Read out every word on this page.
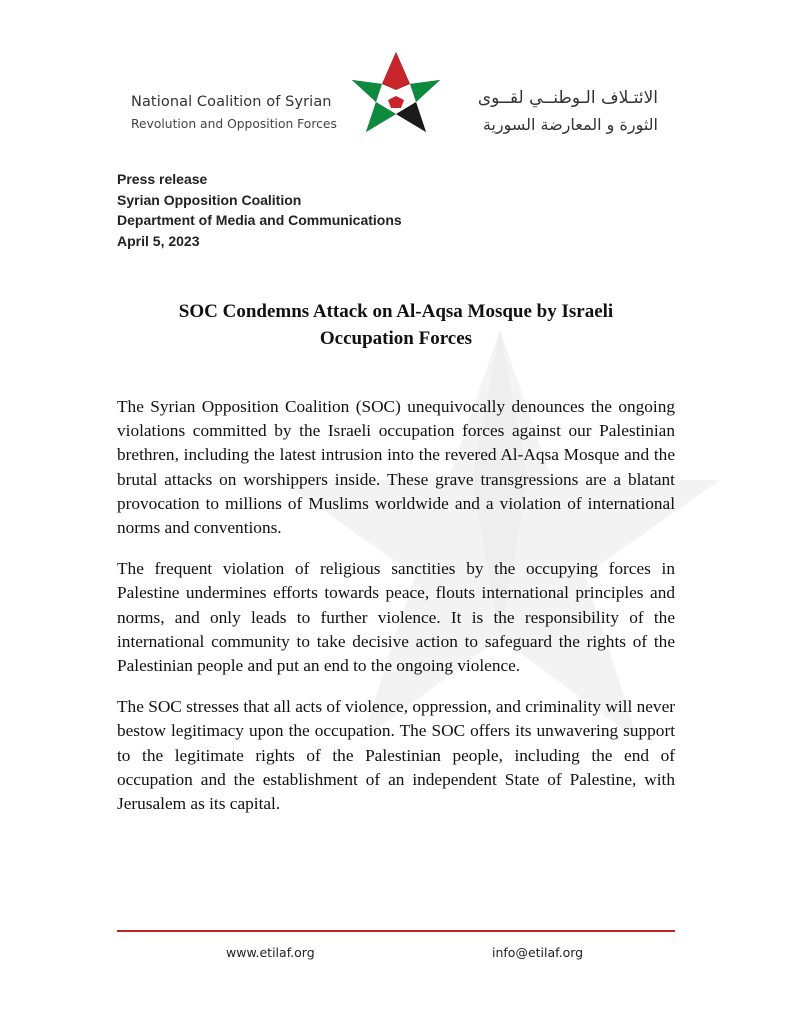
National Coalition of Syrian
Revolution and Opposition Forces
الائتـلاف الـوطنــي لقــوى
الثورة و المعارضة السورية
Press release
Syrian Opposition Coalition
Department of Media and Communications
April 5, 2023
SOC Condemns Attack on Al-Aqsa Mosque by Israeli
Occupation Forces

The Syrian Opposition Coalition (SOC) unequivocally denounces the ongoing violations committed by the Israeli occupation forces against our Palestinian brethren, including the latest intrusion into the revered Al-Aqsa Mosque and the brutal attacks on worshippers inside. These grave transgressions are a blatant provocation to millions of Muslims worldwide and a violation of international norms and conventions.

The frequent violation of religious sanctities by the occupying forces in Palestine undermines efforts towards peace, flouts international principles and norms, and only leads to further violence. It is the responsibility of the international community to take decisive action to safeguard the rights of the Palestinian people and put an end to the ongoing violence.

The SOC stresses that all acts of violence, oppression, and criminality will never bestow legitimacy upon the occupation. The SOC offers its unwavering support to the legitimate rights of the Palestinian people, including the end of occupation and the establishment of an independent State of Palestine, with Jerusalem as its capital.

www.etilaf.org	info@etilaf.org
